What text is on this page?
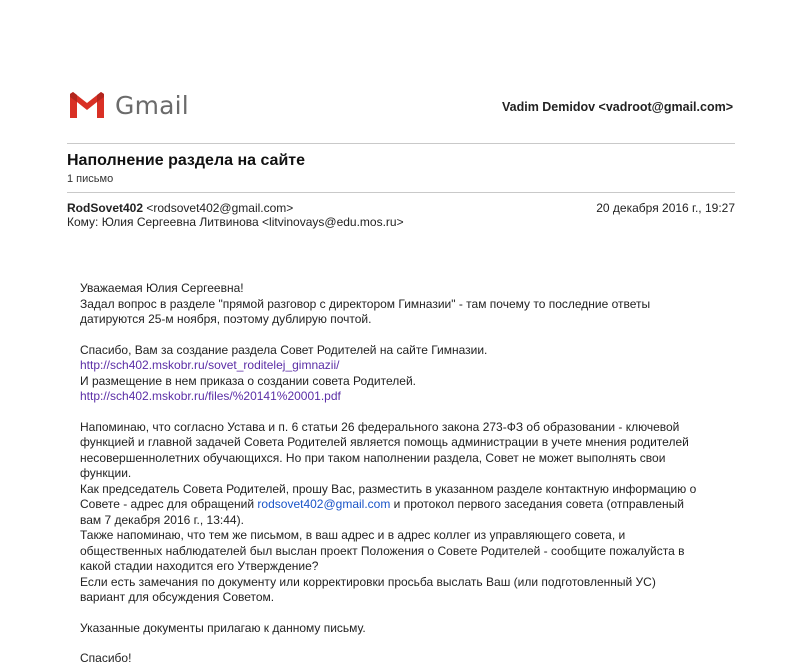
Gmail	Vadim Demidov <vadroot@gmail.com>
Наполнение раздела на сайте
1 письмо
RodSovet402 <rodsovet402@gmail.com>	20 декабря 2016 г., 19:27
Кому: Юлия Сергеевна Литвинова <litvinovays@edu.mos.ru>

Уважаемая Юлия Сергеевна!

Задал вопрос в разделе "прямой разговор с директором Гимназии" - там почему то последние ответы

датируются 25-м ноября, поэтому дублирую почтой.

Спасибо, Вам за создание раздела Совет Родителей на сайте Гимназии.

http://sch402.mskobr.ru/sovet_roditelej_gimnazii/

И размещение в нем приказа о создании совета Родителей.

http://sch402.mskobr.ru/files/%20141%20001.pdf

Напоминаю, что согласно Устава и п. 6 статьи 26 федерального закона 273-ФЗ об образовании - ключевой

функцией и главной задачей Совета Родителей является помощь администрации в учете мнения родителей

несовершеннолетних обучающихся. Но при таком наполнении раздела, Совет не может выполнять свои

функции.

Как председатель Совета Родителей, прошу Вас, разместить в указанном разделе контактную информацию о

Совете - адрес для обращений rodsovet402@gmail.com и протокол первого заседания совета (отправленый

вам 7 декабря 2016 г., 13:44).

Также напоминаю, что тем же письмом, в ваш адрес и в адрес коллег из управляющего совета, и

общественных наблюдателей был выслан проект Положения о Совете Родителей - сообщите пожалуйста в

какой стадии находится его Утверждение?

Если есть замечания по документу или корректировки просьба выслать Ваш (или подготовленный УС)

вариант для обсуждения Советом.

Указанные документы прилагаю к данному письму.

Спасибо!
